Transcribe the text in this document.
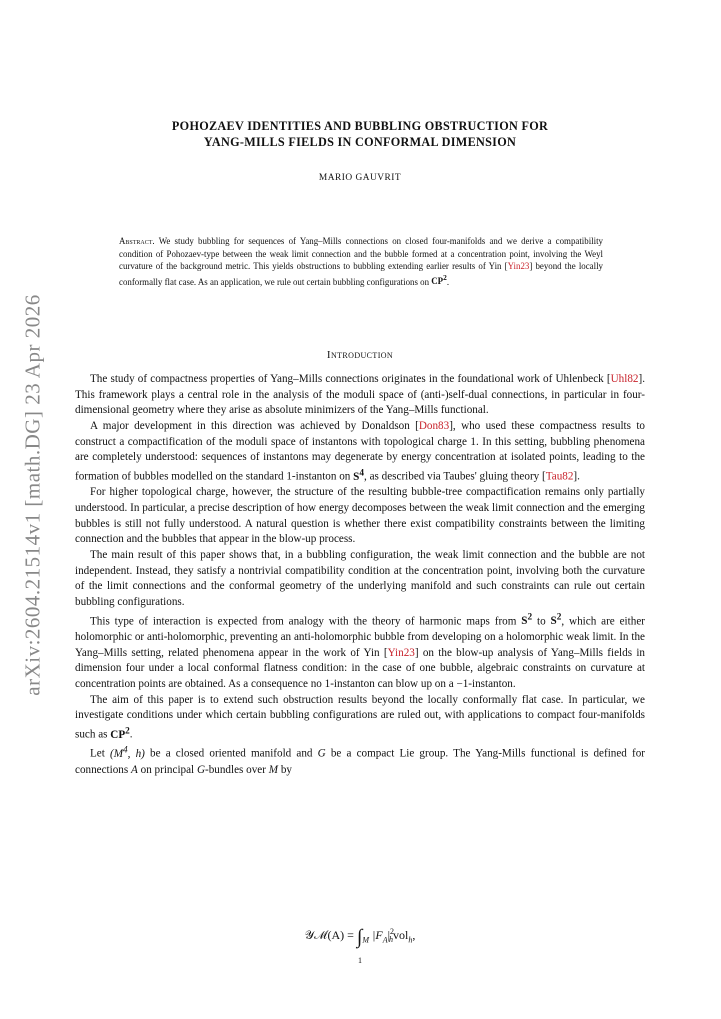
arXiv:2604.21514v1 [math.DG] 23 Apr 2026
POHOZAEV IDENTITIES AND BUBBLING OBSTRUCTION FOR
YANG-MILLS FIELDS IN CONFORMAL DIMENSION
MARIO GAUVRIT
Abstract. We study bubbling for sequences of Yang–Mills connections on closed four-manifolds and we derive a compatibility condition of Pohozaev-type between the weak limit connection and the bubble formed at a concentration point, involving the Weyl curvature of the background metric. This yields obstructions to bubbling extending earlier results of Yin [Yin23] beyond the locally conformally flat case. As an application, we rule out certain bubbling configurations on $CP^2$.
Introduction

The study of compactness properties of Yang–Mills connections originates in the foundational work of Uhlenbeck [Uhl82]. This framework plays a central role in the analysis of the moduli space of (anti-)self-dual connections, in particular in four-dimensional geometry where they arise as absolute minimizers of the Yang–Mills functional.

A major development in this direction was achieved by Donaldson [Don83], who used these compactness results to construct a compactification of the moduli space of instantons with topological charge 1. In this setting, bubbling phenomena are completely understood: sequences of instantons may degenerate by energy concentration at isolated points, leading to the formation of bubbles modelled on the standard 1-instanton on $S^4$, as described via Taubes' gluing theory [Tau82].

For higher topological charge, however, the structure of the resulting bubble-tree compactification remains only partially understood. In particular, a precise description of how energy decomposes between the weak limit connection and the emerging bubbles is still not fully understood. A natural question is whether there exist compatibility constraints between the limiting connection and the bubbles that appear in the blow-up process.

The main result of this paper shows that, in a bubbling configuration, the weak limit connection and the bubble are not independent. Instead, they satisfy a nontrivial compatibility condition at the concentration point, involving both the curvature of the limit connections and the conformal geometry of the underlying manifold and such constraints can rule out certain bubbling configurations.

This type of interaction is expected from analogy with the theory of harmonic maps from $S^2$ to $S^2$, which are either holomorphic or anti-holomorphic, preventing an anti-holomorphic bubble from developing on a holomorphic weak limit. In the Yang–Mills setting, related phenomena appear in the work of Yin [Yin23] on the blow-up analysis of Yang–Mills fields in dimension four under a local conformal flatness condition: in the case of one bubble, algebraic constraints on curvature at concentration points are obtained. As a consequence no 1-instanton can blow up on a −1-instanton.

The aim of this paper is to extend such obstruction results beyond the locally conformally flat case. In particular, we investigate conditions under which certain bubbling configurations are ruled out, with applications to compact four-manifolds such as $CP^2$.

Let ($M^4$, h) be a closed oriented manifold and G be a compact Lie group. The Yang-Mills functional is defined for connections A on principal G-bundles over M by

𝒴ℳ(A) = $\int_M$ $|F_A|^2_hvol_h$,
1
